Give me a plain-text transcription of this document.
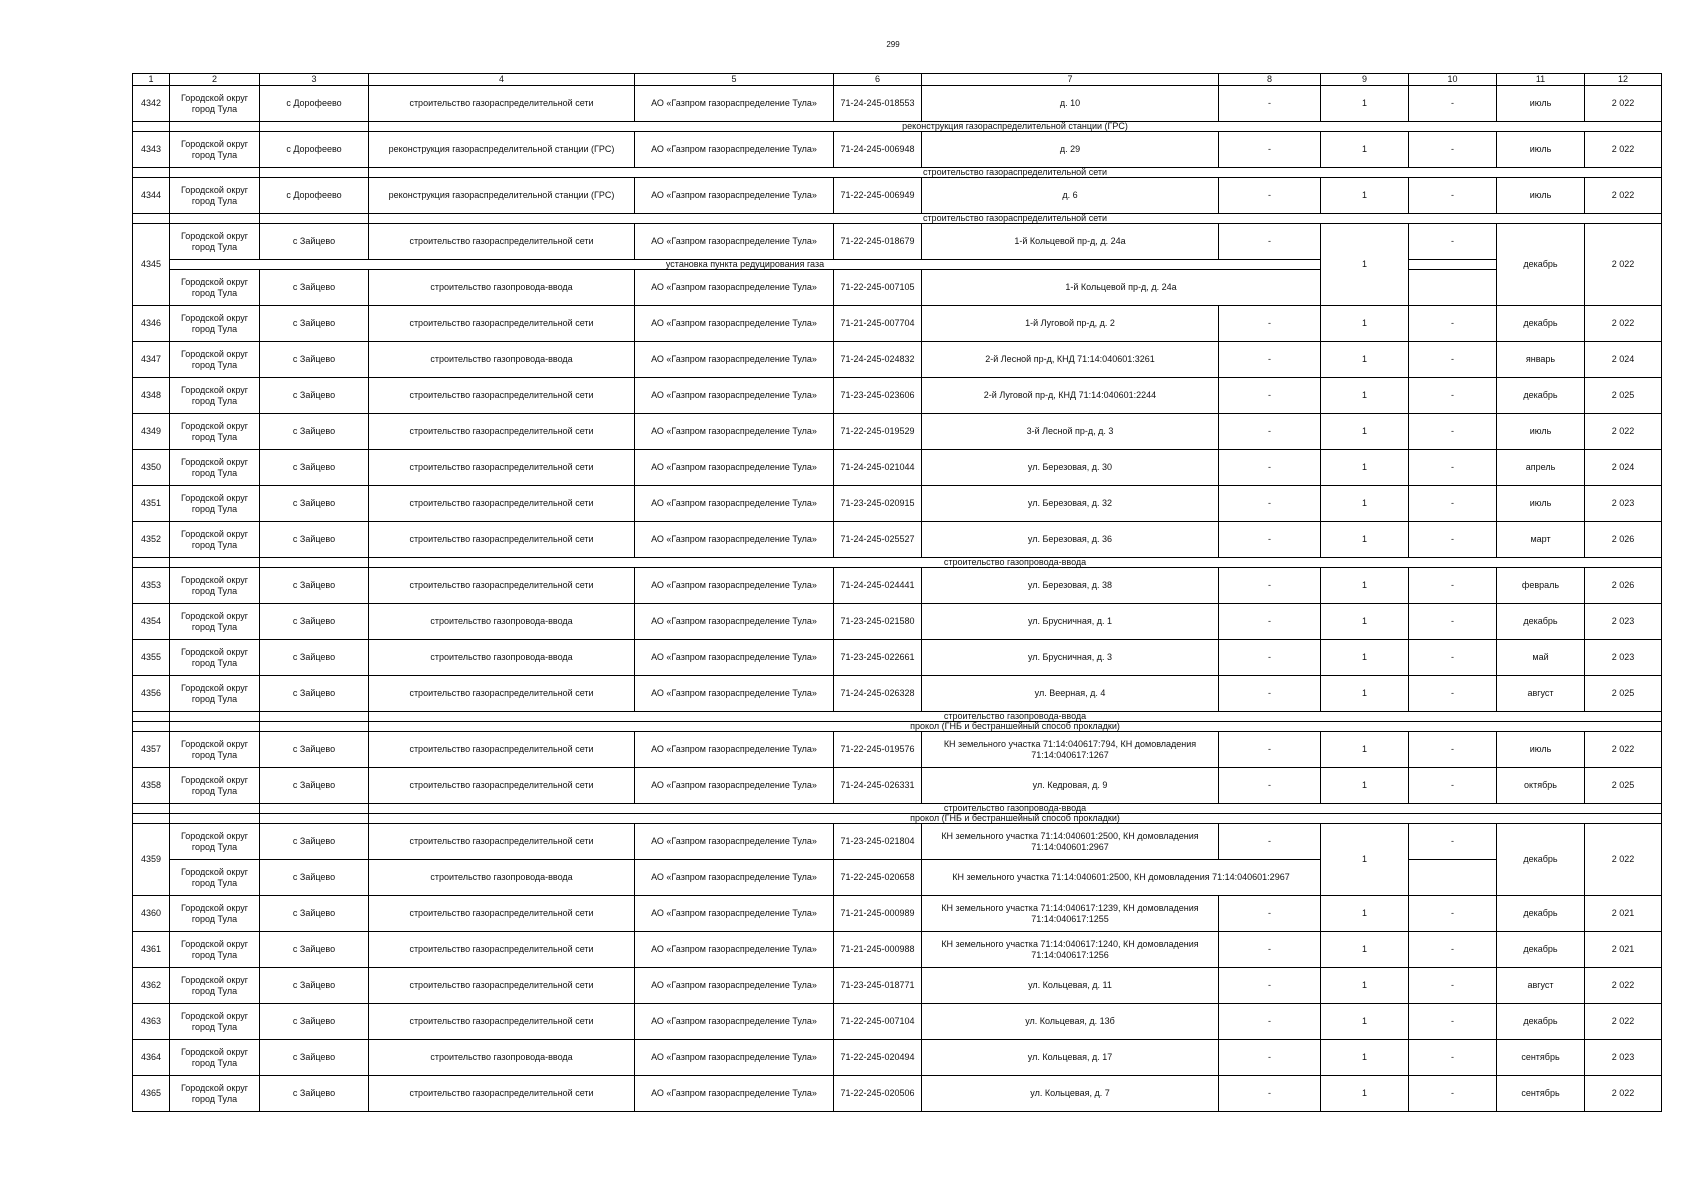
299
1	2	3	4	5	6	7	8	9	10	11	12
4342	Городской округ город Тула	с Дорофеево	строительство газораспределительной сети	АО «Газпром газораспределение Тула»	71-24-245-018553	д. 10	-	1	-	июль	2 022
			реконструкция газораспределительной станции (ГРС)								
4343	Городской округ город Тула	с Дорофеево	реконструкция газораспределительной станции (ГРС)	АО «Газпром газораспределение Тула»	71-24-245-006948	д. 29	-	1	-	июль	2 022
			строительство газораспределительной сети								
4344	Городской округ город Тула	с Дорофеево	реконструкция газораспределительной станции (ГРС)	АО «Газпром газораспределение Тула»	71-22-245-006949	д. 6	-	1	-	июль	2 022
			строительство газораспределительной сети								
4345	Городской округ город Тула	с Зайцево	строительство газораспределительной сети	АО «Газпром газораспределение Тула»	71-22-245-018679	1-й Кольцевой пр-д, д. 24а	-	1	-	декабрь	2 022
	установка пункта редуцирования газа										
	Городской округ город Тула	с Зайцево	строительство газопровода-ввода	АО «Газпром газораспределение Тула»	71-22-245-007105	1-й Кольцевой пр-д, д. 24а					
4346	Городской округ город Тула	с Зайцево	строительство газораспределительной сети	АО «Газпром газораспределение Тула»	71-21-245-007704	1-й Луговой пр-д, д. 2	-	1	-	декабрь	2 022
4347	Городской округ город Тула	с Зайцево	строительство газопровода-ввода	АО «Газпром газораспределение Тула»	71-24-245-024832	2-й Лесной пр-д, КНД 71:14:040601:3261	-	1	-	январь	2 024
4348	Городской округ город Тула	с Зайцево	строительство газораспределительной сети	АО «Газпром газораспределение Тула»	71-23-245-023606	2-й Луговой пр-д, КНД 71:14:040601:2244	-	1	-	декабрь	2 025
4349	Городской округ город Тула	с Зайцево	строительство газораспределительной сети	АО «Газпром газораспределение Тула»	71-22-245-019529	3-й Лесной пр-д, д. 3	-	1	-	июль	2 022
4350	Городской округ город Тула	с Зайцево	строительство газораспределительной сети	АО «Газпром газораспределение Тула»	71-24-245-021044	ул. Березовая, д. 30	-	1	-	апрель	2 024
4351	Городской округ город Тула	с Зайцево	строительство газораспределительной сети	АО «Газпром газораспределение Тула»	71-23-245-020915	ул. Березовая, д. 32	-	1	-	июль	2 023
4352	Городской округ город Тула	с Зайцево	строительство газораспределительной сети	АО «Газпром газораспределение Тула»	71-24-245-025527	ул. Березовая, д. 36	-	1	-	март	2 026
			строительство газопровода-ввода								
4353	Городской округ город Тула	с Зайцево	строительство газораспределительной сети	АО «Газпром газораспределение Тула»	71-24-245-024441	ул. Березовая, д. 38	-	1	-	февраль	2 026
4354	Городской округ город Тула	с Зайцево	строительство газопровода-ввода	АО «Газпром газораспределение Тула»	71-23-245-021580	ул. Брусничная, д. 1	-	1	-	декабрь	2 023
4355	Городской округ город Тула	с Зайцево	строительство газопровода-ввода	АО «Газпром газораспределение Тула»	71-23-245-022661	ул. Брусничная, д. 3	-	1	-	май	2 023
4356	Городской округ город Тула	с Зайцево	строительство газораспределительной сети	АО «Газпром газораспределение Тула»	71-24-245-026328	ул. Веерная, д. 4	-	1	-	август	2 025
			строительство газопровода-ввода								
			прокол (ГНБ и бестраншейный способ прокладки)								
4357	Городской округ город Тула	с Зайцево	строительство газораспределительной сети	АО «Газпром газораспределение Тула»	71-22-245-019576	КН земельного участка 71:14:040617:794, КН домовладения 71:14:040617:1267	-	1	-	июль	2 022
4358	Городской округ город Тула	с Зайцево	строительство газораспределительной сети	АО «Газпром газораспределение Тула»	71-24-245-026331	ул. Кедровая, д. 9	-	1	-	октябрь	2 025
			строительство газопровода-ввода								
			прокол (ГНБ и бестраншейный способ прокладки)								
4359	Городской округ город Тула	с Зайцево	строительство газораспределительной сети	АО «Газпром газораспределение Тула»	71-23-245-021804	КН земельного участка 71:14:040601:2500, КН домовладения 71:14:040601:2967	-	1	-	декабрь	2 022
	Городской округ город Тула	с Зайцево	строительство газопровода-ввода	АО «Газпром газораспределение Тула»	71-22-245-020658	КН земельного участка 71:14:040601:2500, КН домовладения 71:14:040601:2967					
4360	Городской округ город Тула	с Зайцево	строительство газораспределительной сети	АО «Газпром газораспределение Тула»	71-21-245-000989	КН земельного участка 71:14:040617:1239, КН домовладения 71:14:040617:1255	-	1	-	декабрь	2 021
4361	Городской округ город Тула	с Зайцево	строительство газораспределительной сети	АО «Газпром газораспределение Тула»	71-21-245-000988	КН земельного участка 71:14:040617:1240, КН домовладения 71:14:040617:1256	-	1	-	декабрь	2 021
4362	Городской округ город Тула	с Зайцево	строительство газораспределительной сети	АО «Газпром газораспределение Тула»	71-23-245-018771	ул. Кольцевая, д. 11	-	1	-	август	2 022
4363	Городской округ город Тула	с Зайцево	строительство газораспределительной сети	АО «Газпром газораспределение Тула»	71-22-245-007104	ул. Кольцевая, д. 13б	-	1	-	декабрь	2 022
4364	Городской округ город Тула	с Зайцево	строительство газопровода-ввода	АО «Газпром газораспределение Тула»	71-22-245-020494	ул. Кольцевая, д. 17	-	1	-	сентябрь	2 023
4365	Городской округ город Тула	с Зайцево	строительство газораспределительной сети	АО «Газпром газораспределение Тула»	71-22-245-020506	ул. Кольцевая, д. 7	-	1	-	сентябрь	2 022
